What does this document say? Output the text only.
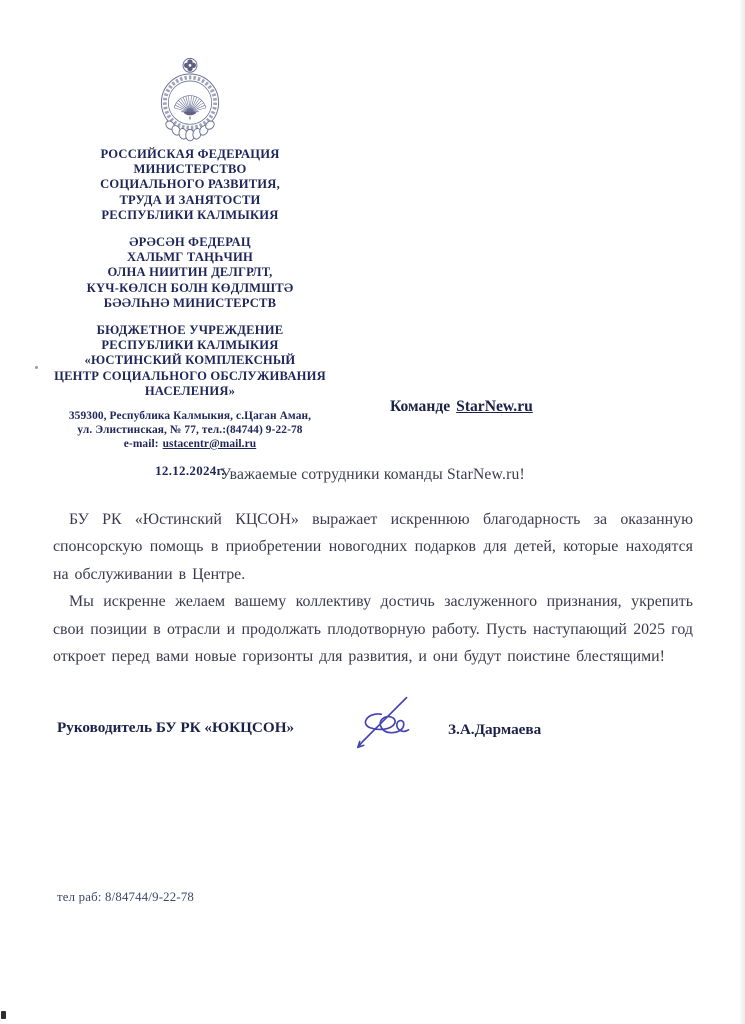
РОССИЙСКАЯ ФЕДЕРАЦИЯ
МИНИСТЕРСТВО
СОЦИАЛЬНОГО РАЗВИТИЯ,
ТРУДА И ЗАНЯТОСТИ
РЕСПУБЛИКИ КАЛМЫКИЯ
ӘРӘСӘН ФЕДЕРАЦ
ХАЛЬМГ ТАҢҺЧИН
ОЛНА НИИТИН ДЕЛГРЛТ,
КҮЧ-КӨЛСН БОЛН КӨДЛМШТӘ
БӘӘЛҺНӘ МИНИСТЕРСТВ
БЮДЖЕТНОЕ УЧРЕЖДЕНИЕ
РЕСПУБЛИКИ КАЛМЫКИЯ
«ЮСТИНСКИЙ КОМПЛЕКСНЫЙ
ЦЕНТР СОЦИАЛЬНОГО ОБСЛУЖИВАНИЯ
НАСЕЛЕНИЯ»
359300, Республика Калмыкия, с.Цаган Аман,
ул. Элистинская, № 77, тел.:(84744) 9-22-78
e-mail: ustacentr@mail.ru
12.12.2024г.
Команде StarNew.ru
Уважаемые сотрудники команды StarNew.ru!

БУ РК «Юстинский КЦСОН» выражает искреннюю благодарность за оказанную спонсорскую помощь в приобретении новогодних подарков для детей, которые находятся на обслуживании в Центре.

Мы искренне желаем вашему коллективу достичь заслуженного признания, укрепить свои позиции в отрасли и продолжать плодотворную работу. Пусть наступающий 2025 год откроет перед вами новые горизонты для развития, и они будут поистине блестящими!

Руководитель БУ РК «ЮКЦСОН»	З.А.Дармаева
тел раб: 8/84744/9-22-78
